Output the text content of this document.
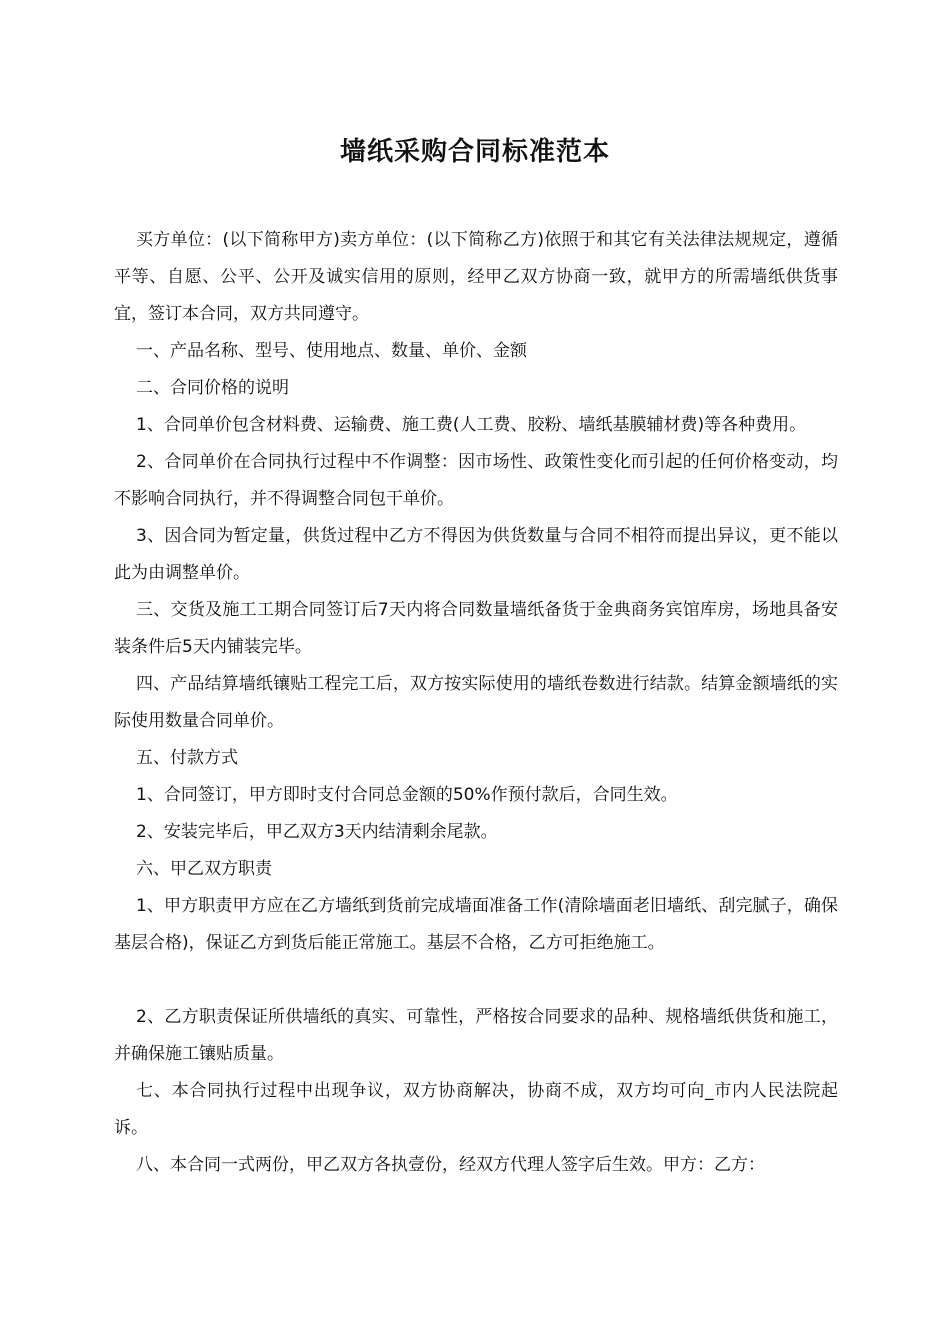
墙纸采购合同标准范本

买方单位：(以下简称甲方)卖方单位：(以下简称乙方)依照于和其它有关法律法规规定，遵循平等、自愿、公平、公开及诚实信用的原则，经甲乙双方协商一致，就甲方的所需墙纸供货事宜，签订本合同，双方共同遵守。

一、产品名称、型号、使用地点、数量、单价、金额

二、合同价格的说明

1、合同单价包含材料费、运输费、施工费(人工费、胶粉、墙纸基膜辅材费)等各种费用。

2、合同单价在合同执行过程中不作调整：因市场性、政策性变化而引起的任何价格变动，均不影响合同执行，并不得调整合同包干单价。

3、因合同为暂定量，供货过程中乙方不得因为供货数量与合同不相符而提出异议，更不能以此为由调整单价。

三、交货及施工工期合同签订后7天内将合同数量墙纸备货于金典商务宾馆库房，场地具备安装条件后5天内铺装完毕。

四、产品结算墙纸镶贴工程完工后，双方按实际使用的墙纸卷数进行结款。结算金额墙纸的实际使用数量合同单价。

五、付款方式

1、合同签订，甲方即时支付合同总金额的50%作预付款后，合同生效。

2、安装完毕后，甲乙双方3天内结清剩余尾款。

六、甲乙双方职责

1、甲方职责甲方应在乙方墙纸到货前完成墙面准备工作(清除墙面老旧墙纸、刮完腻子，确保基层合格)，保证乙方到货后能正常施工。基层不合格，乙方可拒绝施工。

2、乙方职责保证所供墙纸的真实、可靠性，严格按合同要求的品种、规格墙纸供货和施工，并确保施工镶贴质量。

七、本合同执行过程中出现争议，双方协商解决，协商不成，双方均可向_市内人民法院起诉。

八、本合同一式两份，甲乙双方各执壹份，经双方代理人签字后生效。甲方：乙方：
